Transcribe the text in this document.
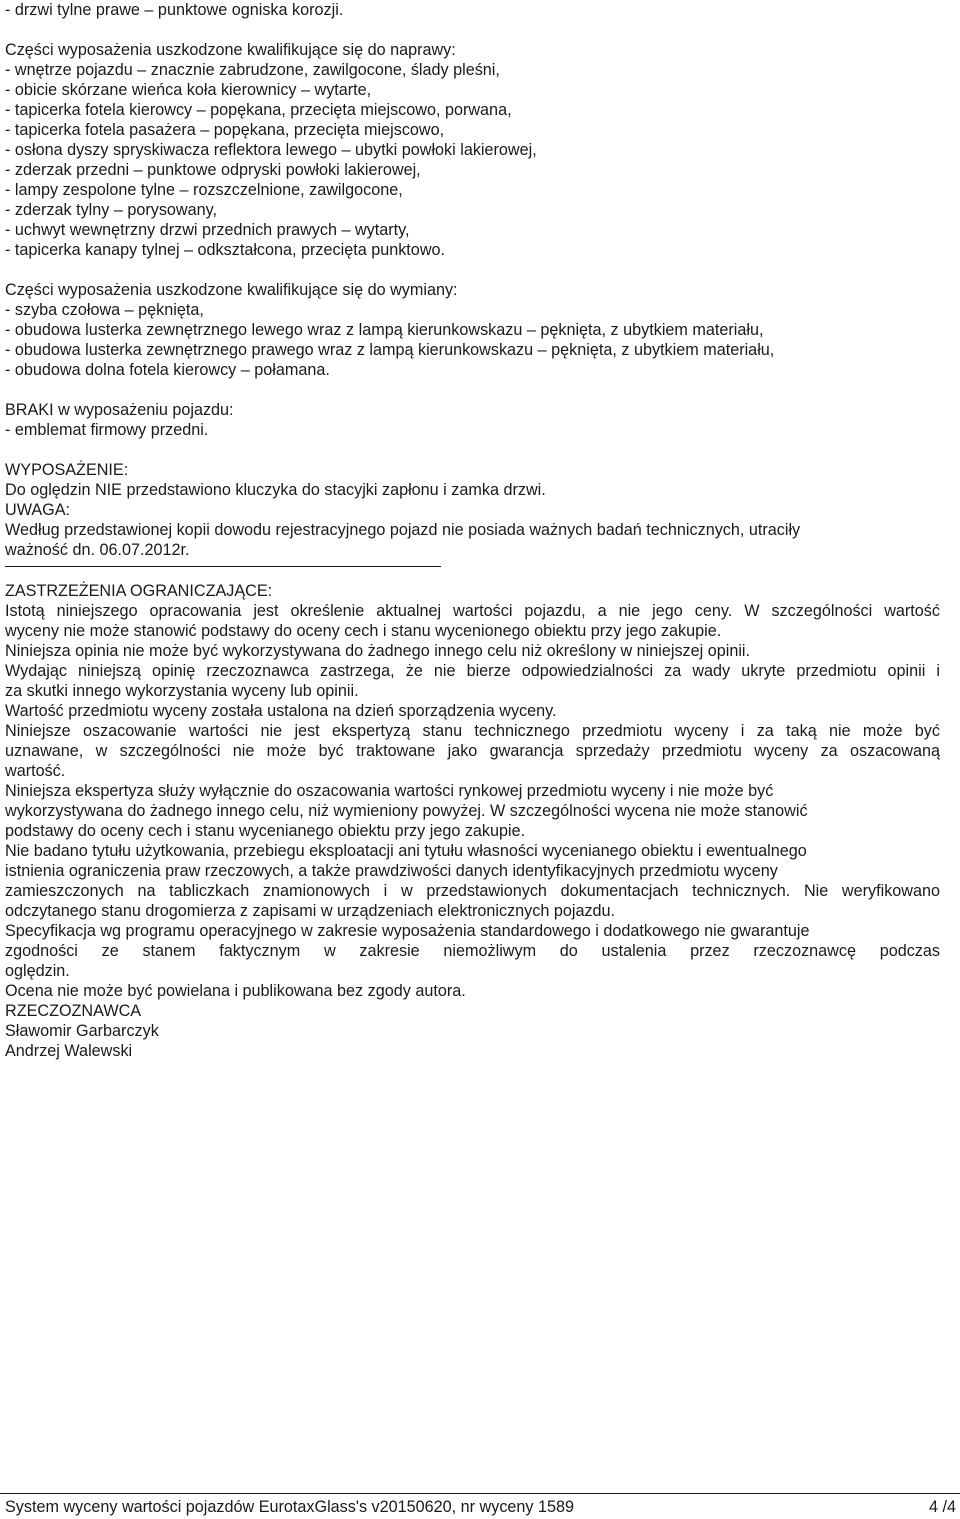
- drzwi tylne prawe – punktowe ogniska korozji.
Części wyposażenia uszkodzone kwalifikujące się do naprawy:
- wnętrze pojazdu – znacznie zabrudzone, zawilgocone, ślady pleśni,
- obicie skórzane wieńca koła kierownicy – wytarte,
- tapicerka fotela kierowcy – popękana, przecięta miejscowo, porwana,
- tapicerka fotela pasażera – popękana, przecięta miejscowo,
- osłona dyszy spryskiwacza reflektora lewego – ubytki powłoki lakierowej,
- zderzak przedni – punktowe odpryski powłoki lakierowej,
- lampy zespolone tylne – rozszczelnione, zawilgocone,
- zderzak tylny – porysowany,
- uchwyt wewnętrzny drzwi przednich prawych – wytarty,
- tapicerka kanapy tylnej – odkształcona, przecięta punktowo.
Części wyposażenia uszkodzone kwalifikujące się do wymiany:
- szyba czołowa – pęknięta,
- obudowa lusterka zewnętrznego lewego wraz z lampą kierunkowskazu – pęknięta, z ubytkiem materiału,
- obudowa lusterka zewnętrznego prawego wraz z lampą kierunkowskazu – pęknięta, z ubytkiem materiału,
- obudowa dolna fotela kierowcy – połamana.
BRAKI w wyposażeniu pojazdu:
- emblemat firmowy przedni.
WYPOSAŻENIE:
Do oględzin NIE przedstawiono kluczyka do stacyjki zapłonu i zamka drzwi.
UWAGA:
Według przedstawionej kopii dowodu rejestracyjnego pojazd nie posiada ważnych badań technicznych, utraciły
ważność dn. 06.07.2012r.
ZASTRZEŻENIA OGRANICZAJĄCE:
Istotą niniejszego opracowania jest określenie aktualnej wartości pojazdu, a nie jego ceny. W szczególności wartość
wyceny nie może stanowić podstawy do oceny cech i stanu wycenionego obiektu przy jego zakupie.
Niniejsza opinia nie może być wykorzystywana do żadnego innego celu niż określony w niniejszej opinii.
Wydając niniejszą opinię rzeczoznawca zastrzega, że nie bierze odpowiedzialności za wady ukryte przedmiotu opinii i
za skutki innego wykorzystania wyceny lub opinii.
Wartość przedmiotu wyceny została ustalona na dzień sporządzenia wyceny.
Niniejsze oszacowanie wartości nie jest ekspertyzą stanu technicznego przedmiotu wyceny i za taką nie może być
uznawane, w szczególności nie może być traktowane jako gwarancja sprzedaży przedmiotu wyceny za oszacowaną
wartość.
Niniejsza ekspertyza służy wyłącznie do oszacowania wartości rynkowej przedmiotu wyceny i nie może być
wykorzystywana do żadnego innego celu, niż wymieniony powyżej. W szczególności wycena nie może stanowić
podstawy do oceny cech i stanu wycenianego obiektu przy jego zakupie.
Nie badano tytułu użytkowania, przebiegu eksploatacji ani tytułu własności wycenianego obiektu i ewentualnego
istnienia ograniczenia praw rzeczowych, a także prawdziwości danych identyfikacyjnych przedmiotu wyceny
zamieszczonych na tabliczkach znamionowych i w przedstawionych dokumentacjach technicznych. Nie weryfikowano
odczytanego stanu drogomierza z zapisami w urządzeniach elektronicznych pojazdu.
Specyfikacja wg programu operacyjnego w zakresie wyposażenia standardowego i dodatkowego nie gwarantuje
zgodności ze stanem faktycznym w zakresie niemożliwym do ustalenia przez rzeczoznawcę podczas
oględzin.
Ocena nie może być powielana i publikowana bez zgody autora.
RZECZOZNAWCA
Sławomir Garbarczyk
Andrzej Walewski
System wyceny wartości pojazdów EurotaxGlass's v20150620, nr wyceny 1589	4 /4
